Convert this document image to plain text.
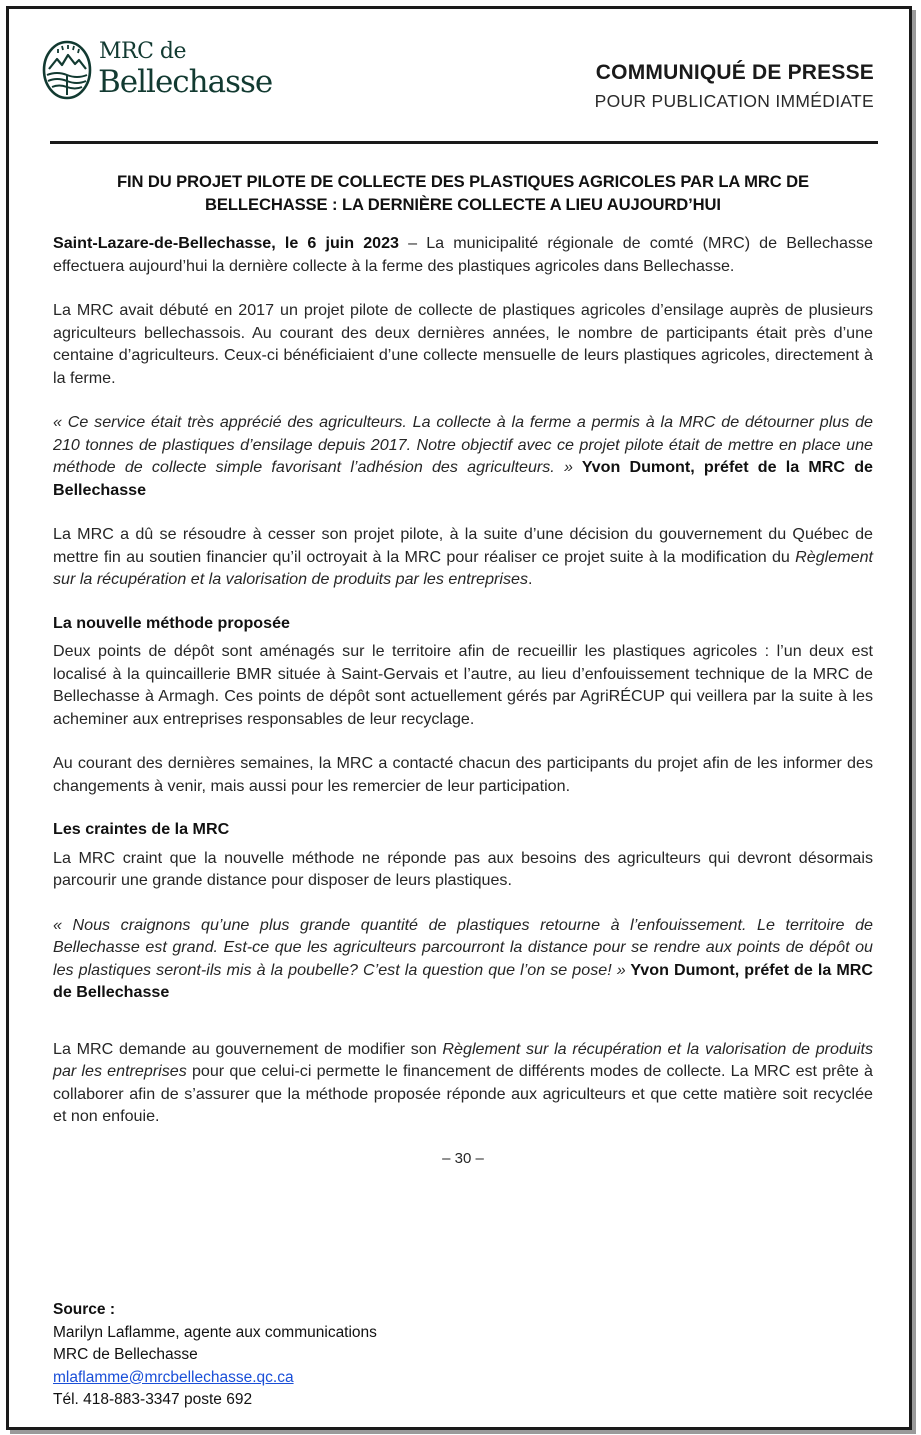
MRC de
Bellechasse	COMMUNIQUÉ DE PRESSE
POUR PUBLICATION IMMÉDIATE
FIN DU PROJET PILOTE DE COLLECTE DES PLASTIQUES AGRICOLES PAR LA MRC DE
BELLECHASSE : LA DERNIÈRE COLLECTE A LIEU AUJOURD’HUI

Saint-Lazare-de-Bellechasse, le 6 juin 2023 – La municipalité régionale de comté (MRC) de Bellechasse effectuera aujourd’hui la dernière collecte à la ferme des plastiques agricoles dans Bellechasse.

La MRC avait débuté en 2017 un projet pilote de collecte de plastiques agricoles d’ensilage auprès de plusieurs agriculteurs bellechassois. Au courant des deux dernières années, le nombre de participants était près d’une centaine d’agriculteurs. Ceux-ci bénéficiaient d’une collecte mensuelle de leurs plastiques agricoles, directement à la ferme.

« Ce service était très apprécié des agriculteurs. La collecte à la ferme a permis à la MRC de détourner plus de 210 tonnes de plastiques d’ensilage depuis 2017. Notre objectif avec ce projet pilote était de mettre en place une méthode de collecte simple favorisant l’adhésion des agriculteurs. » Yvon Dumont, préfet de la MRC de Bellechasse

La MRC a dû se résoudre à cesser son projet pilote, à la suite d’une décision du gouvernement du Québec de mettre fin au soutien financier qu’il octroyait à la MRC pour réaliser ce projet suite à la modification du Règlement sur la récupération et la valorisation de produits par les entreprises.

La nouvelle méthode proposée

Deux points de dépôt sont aménagés sur le territoire afin de recueillir les plastiques agricoles : l’un deux est localisé à la quincaillerie BMR située à Saint-Gervais et l’autre, au lieu d’enfouissement technique de la MRC de Bellechasse à Armagh. Ces points de dépôt sont actuellement gérés par AgriRÉCUP qui veillera par la suite à les acheminer aux entreprises responsables de leur recyclage.

Au courant des dernières semaines, la MRC a contacté chacun des participants du projet afin de les informer des changements à venir, mais aussi pour les remercier de leur participation.

Les craintes de la MRC

La MRC craint que la nouvelle méthode ne réponde pas aux besoins des agriculteurs qui devront désormais parcourir une grande distance pour disposer de leurs plastiques.

« Nous craignons qu’une plus grande quantité de plastiques retourne à l’enfouissement. Le territoire de Bellechasse est grand. Est-ce que les agriculteurs parcourront la distance pour se rendre aux points de dépôt ou les plastiques seront-ils mis à la poubelle? C’est la question que l’on se pose! » Yvon Dumont, préfet de la MRC de Bellechasse

La MRC demande au gouvernement de modifier son Règlement sur la récupération et la valorisation de produits par les entreprises pour que celui-ci permette le financement de différents modes de collecte. La MRC est prête à collaborer afin de s’assurer que la méthode proposée réponde aux agriculteurs et que cette matière soit recyclée et non enfouie.

– 30 –
Source :
Marilyn Laflamme, agente aux communications
MRC de Bellechasse
mlaflamme@mrcbellechasse.qc.ca
Tél. 418-883-3347 poste 692
